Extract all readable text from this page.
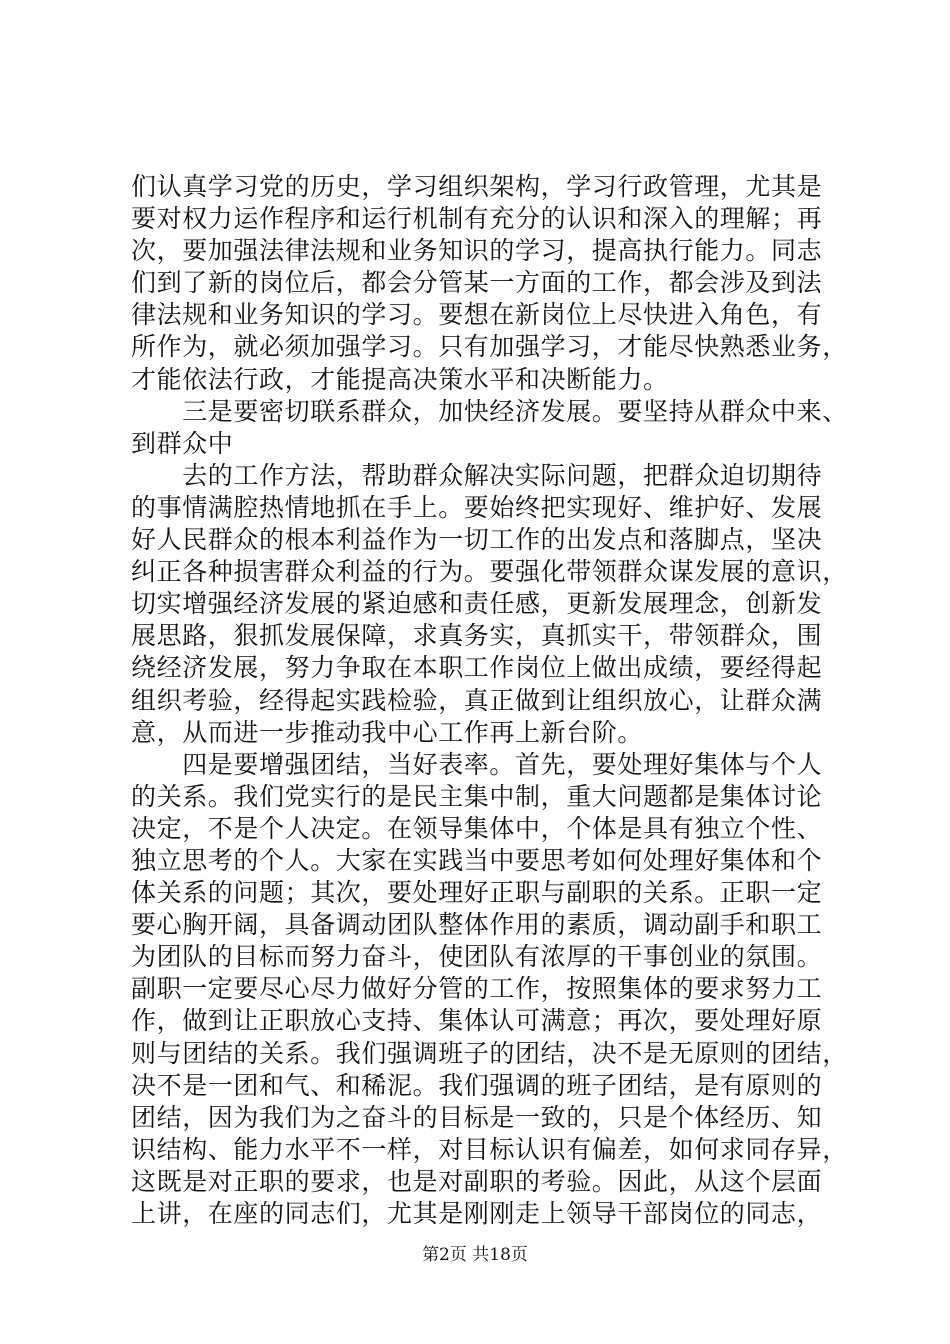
们认真学习党的历史，学习组织架构，学习行政管理，尤其是
要对权力运作程序和运行机制有充分的认识和深入的理解；再
次，要加强法律法规和业务知识的学习，提高执行能力。同志
们到了新的岗位后，都会分管某一方面的工作，都会涉及到法
律法规和业务知识的学习。要想在新岗位上尽快进入角色，有
所作为，就必须加强学习。只有加强学习，才能尽快熟悉业务，
才能依法行政，才能提高决策水平和决断能力。
　　三是要密切联系群众，加快经济发展。要坚持从群众中来、
到群众中
　　去的工作方法，帮助群众解决实际问题，把群众迫切期待
的事情满腔热情地抓在手上。要始终把实现好、维护好、发展
好人民群众的根本利益作为一切工作的出发点和落脚点，坚决
纠正各种损害群众利益的行为。要强化带领群众谋发展的意识，
切实增强经济发展的紧迫感和责任感，更新发展理念，创新发
展思路，狠抓发展保障，求真务实，真抓实干，带领群众，围
绕经济发展，努力争取在本职工作岗位上做出成绩，要经得起
组织考验，经得起实践检验，真正做到让组织放心，让群众满
意，从而进一步推动我中心工作再上新台阶。
　　四是要增强团结，当好表率。首先，要处理好集体与个人
的关系。我们党实行的是民主集中制，重大问题都是集体讨论
决定，不是个人决定。在领导集体中，个体是具有独立个性、
独立思考的个人。大家在实践当中要思考如何处理好集体和个
体关系的问题；其次，要处理好正职与副职的关系。正职一定
要心胸开阔，具备调动团队整体作用的素质，调动副手和职工
为团队的目标而努力奋斗，使团队有浓厚的干事创业的氛围。
副职一定要尽心尽力做好分管的工作，按照集体的要求努力工
作，做到让正职放心支持、集体认可满意；再次，要处理好原
则与团结的关系。我们强调班子的团结，决不是无原则的团结，
决不是一团和气、和稀泥。我们强调的班子团结，是有原则的
团结，因为我们为之奋斗的目标是一致的，只是个体经历、知
识结构、能力水平不一样，对目标认识有偏差，如何求同存异，
这既是对正职的要求，也是对副职的考验。因此，从这个层面
上讲，在座的同志们，尤其是刚刚走上领导干部岗位的同志，
第2页 共18页
